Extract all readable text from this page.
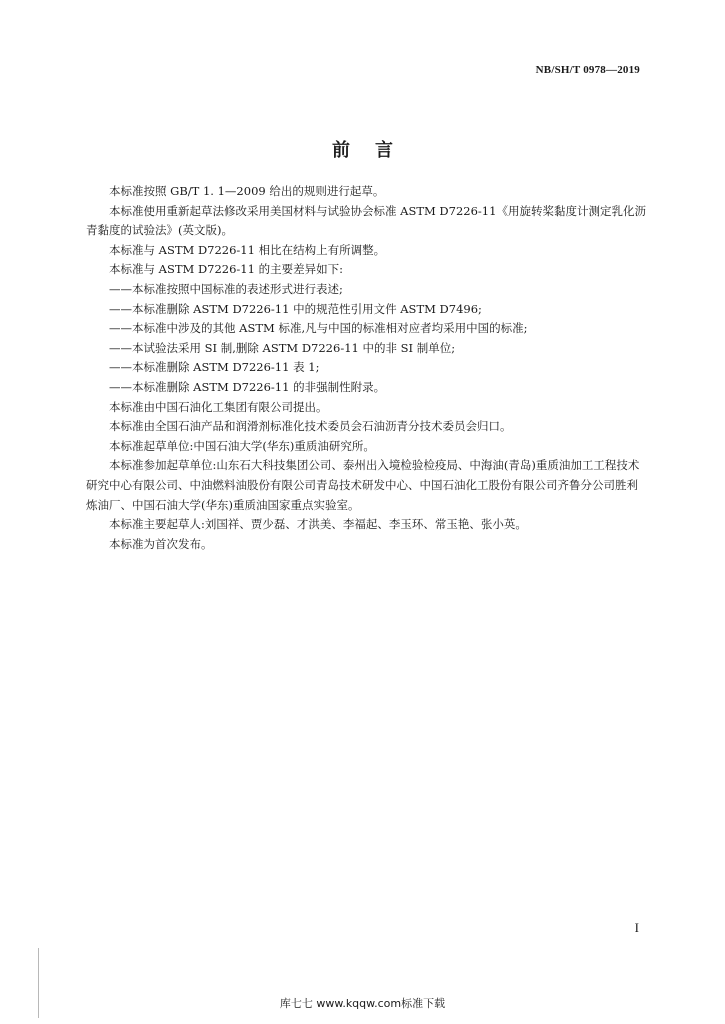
NB/SH/T 0978—2019
前    言

本标准按照 GB/T 1. 1—2009 给出的规则进行起草。

本标准使用重新起草法修改采用美国材料与试验协会标准 ASTM D7226-11《用旋转桨黏度计测定乳化沥青黏度的试验法》(英文版)。

本标准与 ASTM D7226-11 相比在结构上有所调整。

本标准与 ASTM D7226-11 的主要差异如下:

——本标准按照中国标准的表述形式进行表述;

——本标准删除 ASTM D7226-11 中的规范性引用文件 ASTM D7496;

——本标准中涉及的其他 ASTM 标准,凡与中国的标准相对应者均采用中国的标准;

——本试验法采用 SI 制,删除 ASTM D7226-11 中的非 SI 制单位;

——本标准删除 ASTM D7226-11 表 1;

——本标准删除 ASTM D7226-11 的非强制性附录。

本标准由中国石油化工集团有限公司提出。

本标准由全国石油产品和润滑剂标准化技术委员会石油沥青分技术委员会归口。

本标准起草单位:中国石油大学(华东)重质油研究所。

本标准参加起草单位:山东石大科技集团公司、泰州出入境检验检疫局、中海油(青岛)重质油加工工程技术研究中心有限公司、中油燃料油股份有限公司青岛技术研发中心、中国石油化工股份有限公司齐鲁分公司胜利炼油厂、中国石油大学(华东)重质油国家重点实验室。

本标准主要起草人:刘国祥、贾少磊、才洪美、李福起、李玉环、常玉艳、张小英。

本标准为首次发布。

I
库七七 www.kqqw.com标准下载
